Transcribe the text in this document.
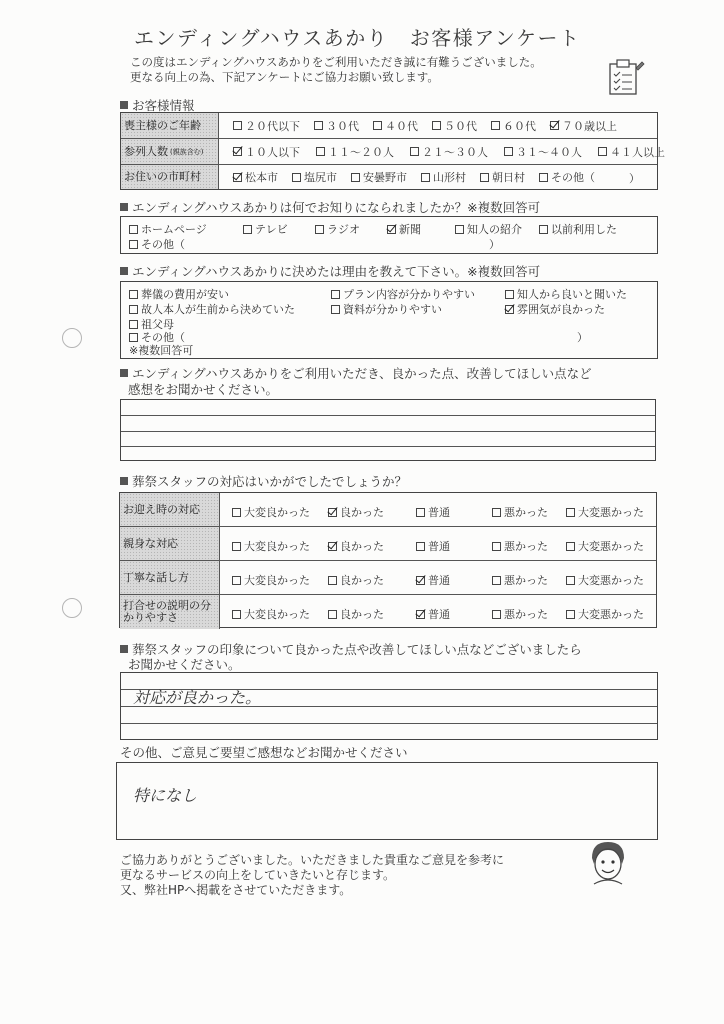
エンディングハウスあかり　お客様アンケート
この度はエンディングハウスあかりをご利用いただき誠に有難うございました。
更なる向上の為、下記アンケートにご協力お願い致します。
お客様情報
喪主様のご年齢	２０代以下 ３０代 ４０代 ５０代 ６０代 ７０歳以上
参列人数 (親族含む)	１０人以下	１１～２０人	２１～３０人	３１～４０人	４１人以上
お住いの市町村	松本市 塩尻市 安曇野市 山形村 朝日村 その他（	）
エンディングハウスあかりは何でお知りになられましたか？※複数回答可
ホームページ	テレビ	ラジオ	新聞	知人の紹介	以前利用した
その他（	）
エンディングハウスあかりに決めたは理由を教えて下さい。※複数回答可
葬儀の費用が安い	プラン内容が分かりやすい	知人から良いと聞いた
故人本人が生前から決めていた	資料が分かりやすい	雰囲気が良かった
祖父母
その他（	）
※複数回答可
エンディングハウスあかりをご利用いただき、良かった点、改善してほしい点など
感想をお聞かせください。
葬祭スタッフの対応はいかがでしたでしょうか？
お迎え時の対応	大変良かった	良かった	普通	悪かった	大変悪かった
親身な対応	大変良かった	良かった	普通	悪かった	大変悪かった
丁寧な話し方	大変良かった	良かった	普通	悪かった	大変悪かった
打合せの説明の分かりやすさ	大変良かった	良かった	普通	悪かった	大変悪かった
葬祭スタッフの印象について良かった点や改善してほしい点などございましたら
お聞かせください。
対応が良かった。
その他、ご意見ご要望ご感想などお聞かせください
特になし
ご協力ありがとうございました。いただきました貴重なご意見を参考に
更なるサービスの向上をしていきたいと存じます。
又、弊社HPへ掲載をさせていただきます。
